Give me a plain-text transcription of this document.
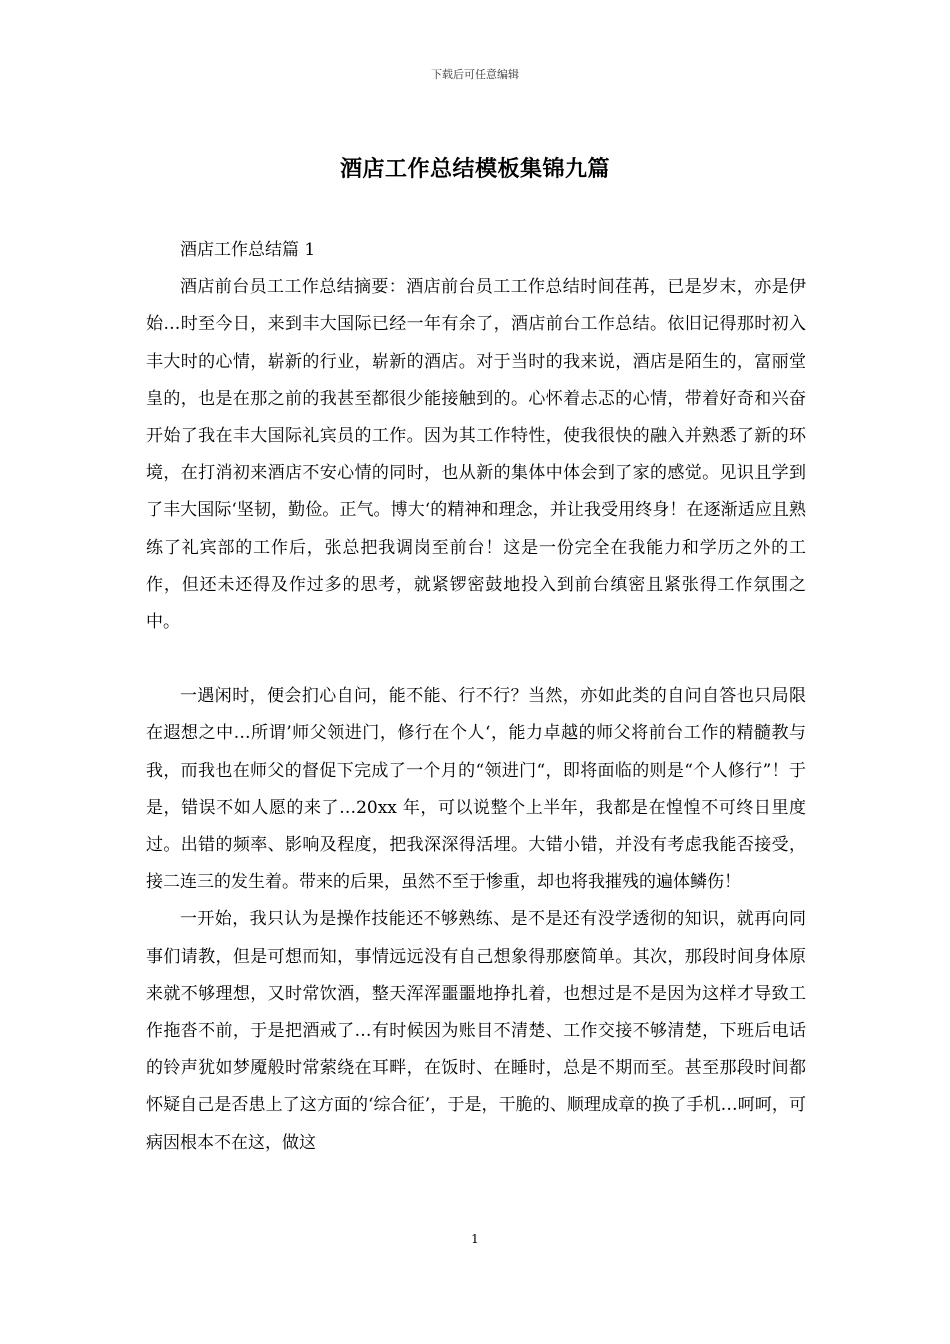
下载后可任意编辑
酒店工作总结模板集锦九篇

酒店工作总结篇 1

酒店前台员工工作总结摘要：酒店前台员工工作总结时间荏苒，已是岁末，亦是伊始…时至今日，来到丰大国际已经一年有余了，酒店前台工作总结。依旧记得那时初入丰大时的心情，崭新的行业，崭新的酒店。对于当时的我来说，酒店是陌生的，富丽堂皇的，也是在那之前的我甚至都很少能接触到的。心怀着忐忑的心情，带着好奇和兴奋开始了我在丰大国际礼宾员的工作。因为其工作特性，使我很快的融入并熟悉了新的环境，在打消初来酒店不安心情的同时，也从新的集体中体会到了家的感觉。见识且学到了丰大国际‘坚韧，勤俭。正气。博大‘的精神和理念，并让我受用终身！在逐渐适应且熟练了礼宾部的工作后，张总把我调岗至前台！这是一份完全在我能力和学历之外的工作，但还未还得及作过多的思考，就紧锣密鼓地投入到前台缜密且紧张得工作氛围之中。

一遇闲时，便会扪心自问，能不能、行不行？当然，亦如此类的自问自答也只局限在遐想之中…所谓’师父领进门，修行在个人‘，能力卓越的师父将前台工作的精髓教与我，而我也在师父的督促下完成了一个月的“领进门“，即将面临的则是“个人修行”！于是，错误不如人愿的来了…20xx 年，可以说整个上半年，我都是在惶惶不可终日里度过。出错的频率、影响及程度，把我深深得活埋。大错小错，并没有考虑我能否接受，接二连三的发生着。带来的后果，虽然不至于惨重，却也将我摧残的遍体鳞伤！

一开始，我只认为是操作技能还不够熟练、是不是还有没学透彻的知识，就再向同事们请教，但是可想而知，事情远远没有自己想象得那麽简单。其次，那段时间身体原来就不够理想，又时常饮酒，整天浑浑噩噩地挣扎着，也想过是不是因为这样才导致工作拖沓不前，于是把酒戒了…有时候因为账目不清楚、工作交接不够清楚，下班后电话的铃声犹如梦魇般时常萦绕在耳畔，在饭时、在睡时，总是不期而至。甚至那段时间都怀疑自己是否患上了这方面的‘综合征’，于是，干脆的、顺理成章的换了手机…呵呵，可病因根本不在这，做这

1
